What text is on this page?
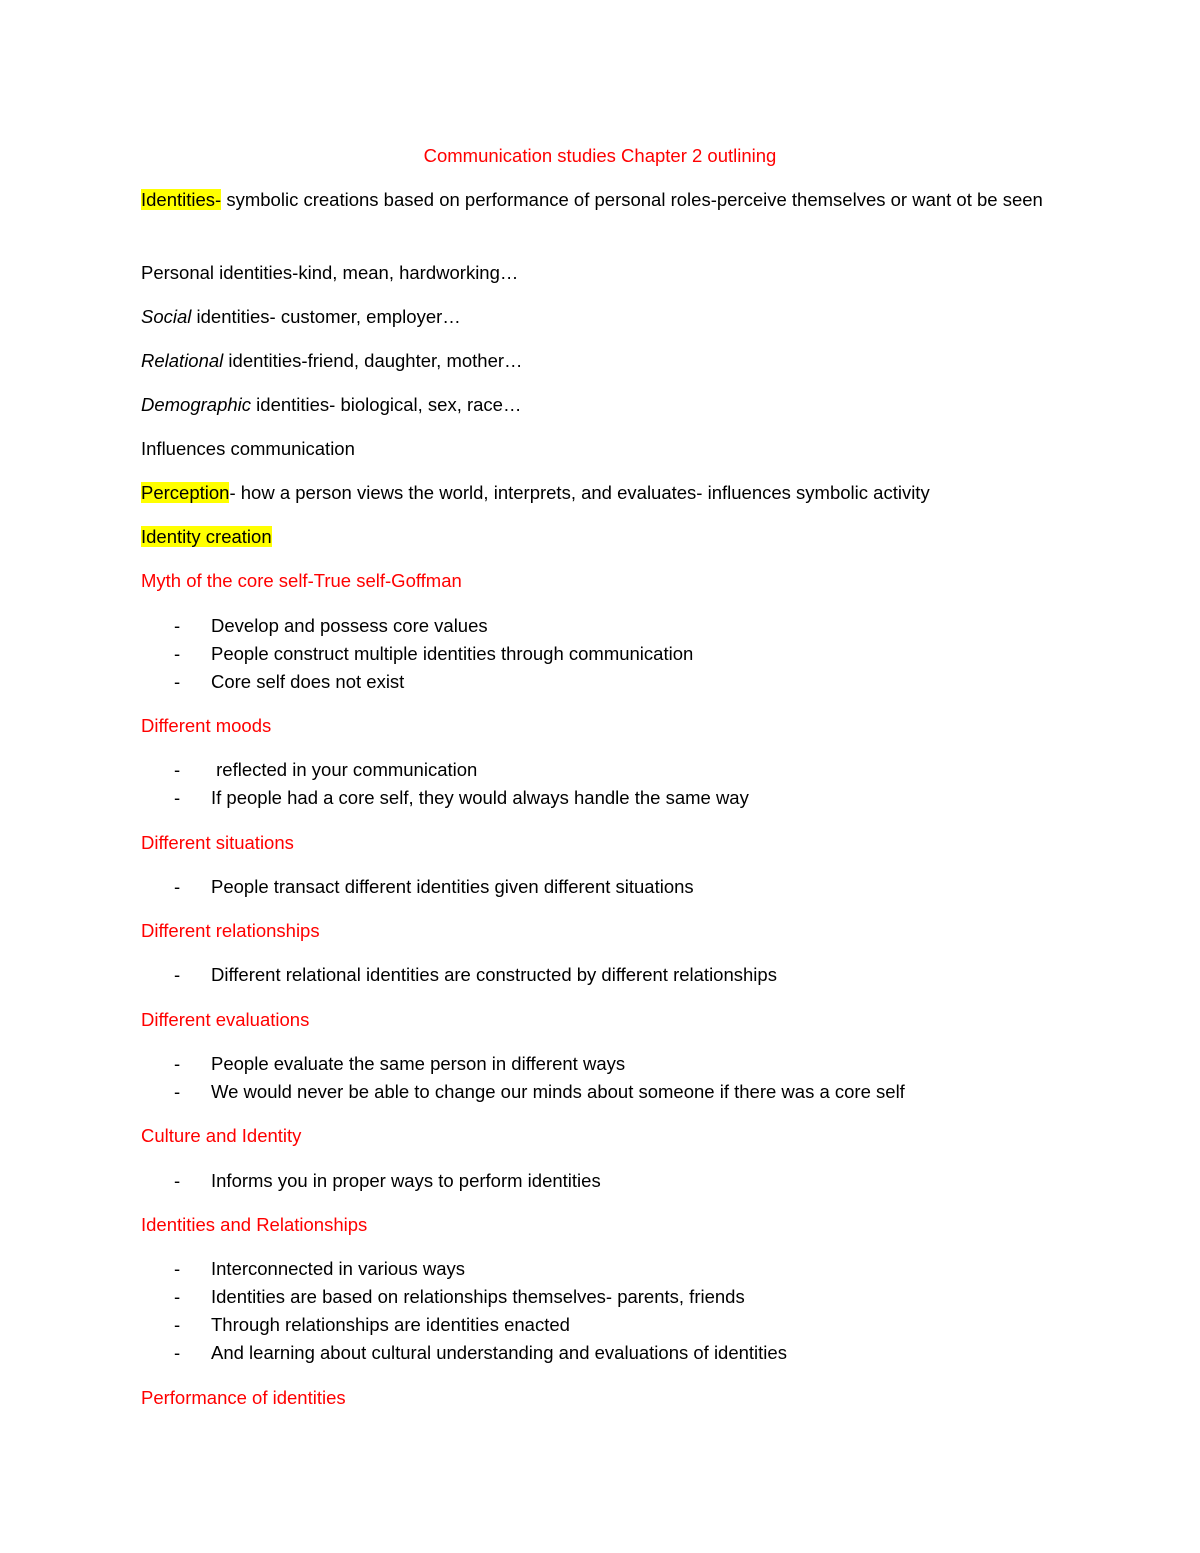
Communication studies Chapter 2 outlining
Identities- symbolic creations based on performance of personal roles-perceive themselves or want ot be seen
Personal identities-kind, mean, hardworking…
Social identities- customer, employer…
Relational identities-friend, daughter, mother…
Demographic identities- biological, sex, race…
Influences communication
Perception- how a person views the world, interprets, and evaluates- influences symbolic activity
Identity creation
Myth of the core self-True self-Goffman
- Develop and possess core values
- People construct multiple identities through communication
- Core self does not exist
Different moods
- reflected in your communication
- If people had a core self, they would always handle the same way
Different situations
- People transact different identities given different situations
Different relationships
- Different relational identities are constructed by different relationships
Different evaluations
- People evaluate the same person in different ways
- We would never be able to change our minds about someone if there was a core self
Culture and Identity
- Informs you in proper ways to perform identities
Identities and Relationships
- Interconnected in various ways
- Identities are based on relationships themselves- parents, friends
- Through relationships are identities enacted
- And learning about cultural understanding and evaluations of identities
Performance of identities
